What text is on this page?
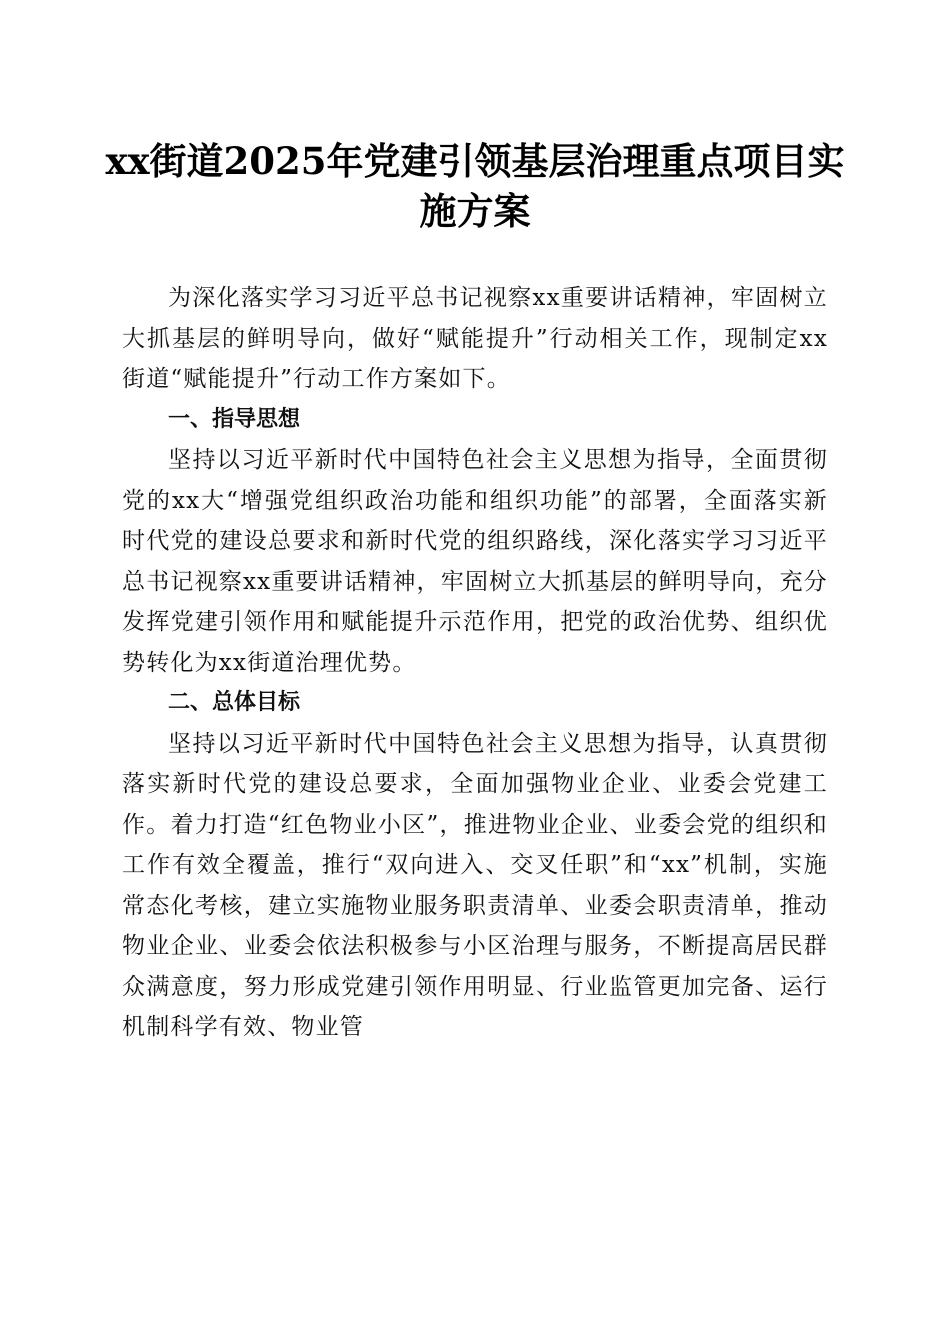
xx街道2025年党建引领基层治理重点项目实
施方案

为深化落实学习习近平总书记视察xx重要讲话精神，牢固树立大抓基层的鲜明导向，做好“赋能提升”行动相关工作，现制定xx街道“赋能提升”行动工作方案如下。

一、指导思想

坚持以习近平新时代中国特色社会主义思想为指导，全面贯彻党的xx大“增强党组织政治功能和组织功能”的部署，全面落实新时代党的建设总要求和新时代党的组织路线，深化落实学习习近平总书记视察xx重要讲话精神，牢固树立大抓基层的鲜明导向，充分发挥党建引领作用和赋能提升示范作用，把党的政治优势、组织优势转化为xx街道治理优势。

二、总体目标

坚持以习近平新时代中国特色社会主义思想为指导，认真贯彻落实新时代党的建设总要求，全面加强物业企业、业委会党建工作。着力打造“红色物业小区”，推进物业企业、业委会党的组织和工作有效全覆盖，推行“双向进入、交叉任职”和“xx”机制，实施常态化考核，建立实施物业服务职责清单、业委会职责清单，推动物业企业、业委会依法积极参与小区治理与服务，不断提高居民群众满意度，努力形成党建引领作用明显、行业监管更加完备、运行机制科学有效、物业管
